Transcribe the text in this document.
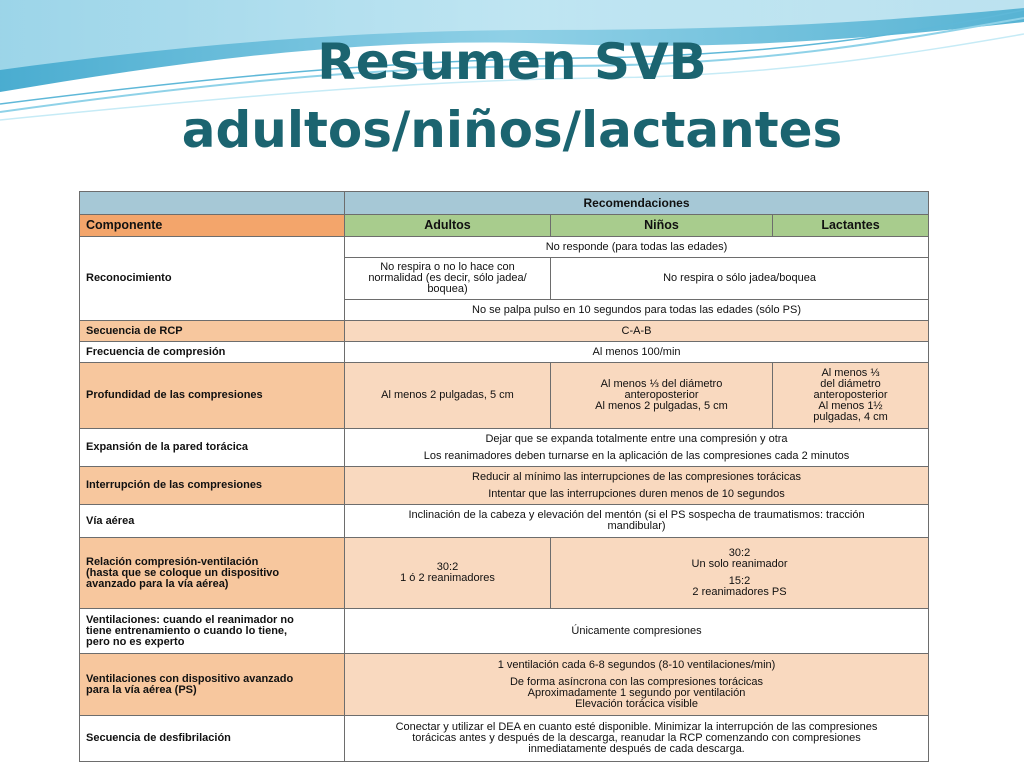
Resumen SVB
adultos/niños/lactantes
	Recomendaciones		
Componente	Adultos	Niños	Lactantes
Reconocimiento	No responde (para todas las edades)		

	No respira o no lo hace con
normalidad (es decir, sólo jadea/
boquea)	No respira o sólo jadea/boquea	
	No se palpa pulso en 10 segundos para todas las edades (sólo PS)		
Secuencia de RCP	C-A-B		
Frecuencia de compresión	Al menos 100/min		
Profundidad de las compresiones	Al menos 2 pulgadas, 5 cm	Al menos ⅓ del diámetro
anteroposterior
Al menos 2 pulgadas, 5 cm	Al menos ⅓
del diámetro
anteroposterior
Al menos 1½
pulgadas, 4 cm

Expansión de la pared torácica	Dejar que se expanda totalmente entre una compresión y otra
Los reanimadores deben turnarse en la aplicación de las compresiones cada 2 minutos		

Interrupción de las compresiones	Reducir al mínimo las interrupciones de las compresiones torácicas
Intentar que las interrupciones duren menos de 10 segundos		

Vía aérea	Inclinación de la cabeza y elevación del mentón (si el PS sospecha de traumatismos: tracción
mandibular)		

Relación compresión-ventilación
(hasta que se coloque un dispositivo
avanzado para la vía aérea)	30:2
1 ó 2 reanimadores	30:2
Un solo reanimador
15:2
2 reanimadores PS	

Ventilaciones: cuando el reanimador no
tiene entrenamiento o cuando lo tiene,
pero no es experto	Únicamente compresiones		

Ventilaciones con dispositivo avanzado
para la vía aérea (PS)	1 ventilación cada 6-8 segundos (8-10 ventilaciones/min)
De forma asíncrona con las compresiones torácicas
Aproximadamente 1 segundo por ventilación
Elevación torácica visible		

Secuencia de desfibrilación	Conectar y utilizar el DEA en cuanto esté disponible. Minimizar la interrupción de las compresiones
torácicas antes y después de la descarga, reanudar la RCP comenzando con compresiones
inmediatamente después de cada descarga.		
